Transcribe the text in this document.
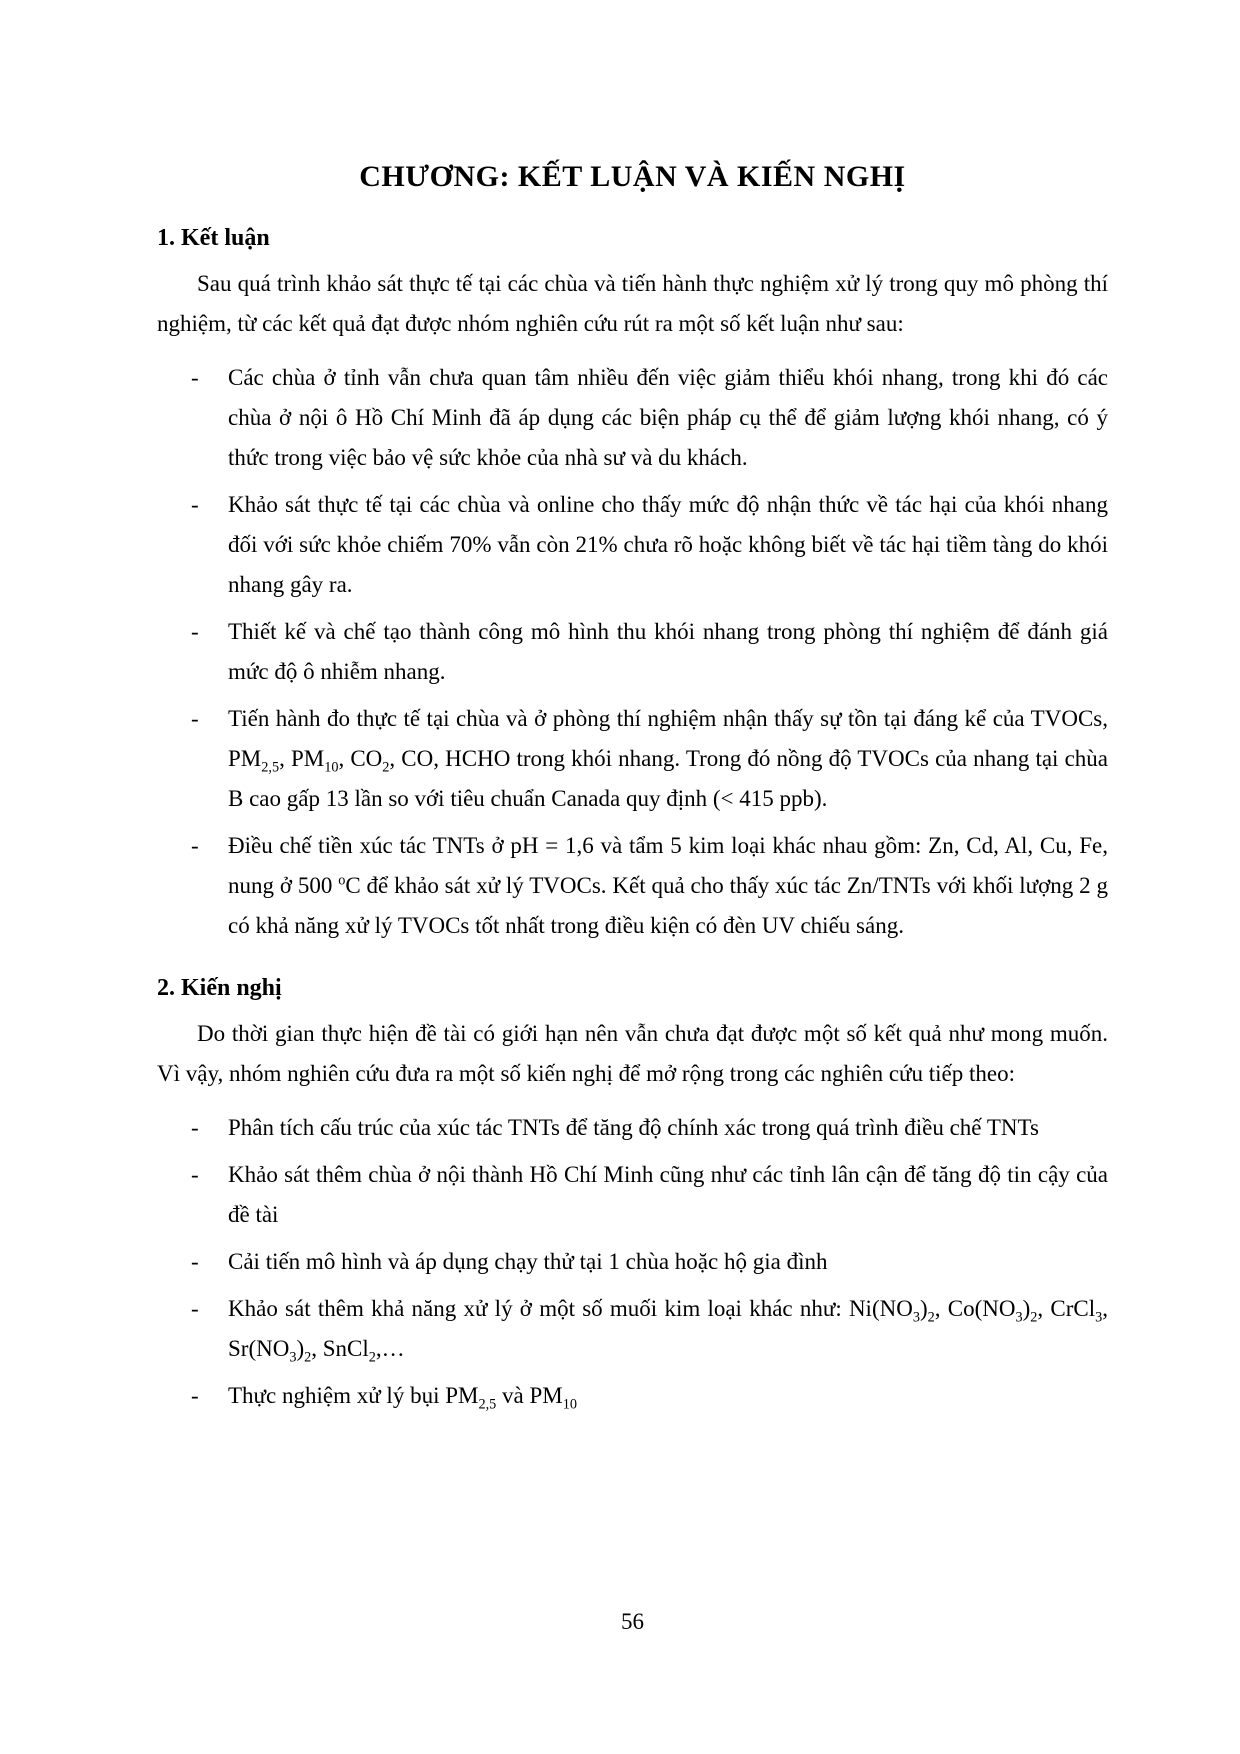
CHƯƠNG: KẾT LUẬN VÀ KIẾN NGHỊ
1. Kết luận

Sau quá trình khảo sát thực tế tại các chùa và tiến hành thực nghiệm xử lý trong quy mô phòng thí nghiệm, từ các kết quả đạt được nhóm nghiên cứu rút ra một số kết luận như sau:

- Các chùa ở tỉnh vẫn chưa quan tâm nhiều đến việc giảm thiểu khói nhang, trong khi đó các chùa ở nội ô Hồ Chí Minh đã áp dụng các biện pháp cụ thể để giảm lượng khói nhang, có ý thức trong việc bảo vệ sức khỏe của nhà sư và du khách.
- Khảo sát thực tế tại các chùa và online cho thấy mức độ nhận thức về tác hại của khói nhang đối với sức khỏe chiếm 70% vẫn còn 21% chưa rõ hoặc không biết về tác hại tiềm tàng do khói nhang gây ra.
- Thiết kế và chế tạo thành công mô hình thu khói nhang trong phòng thí nghiệm để đánh giá mức độ ô nhiễm nhang.
- Tiến hành đo thực tế tại chùa và ở phòng thí nghiệm nhận thấy sự tồn tại đáng kể của TVOCs, $PM_{2,5}$, $PM_{10}$, $CO_2$, CO, HCHO trong khói nhang. Trong đó nồng độ TVOCs của nhang tại chùa B cao gấp 13 lần so với tiêu chuẩn Canada quy định (< 415 ppb).
- Điều chế tiền xúc tác TNTs ở pH = 1,6 và tẩm 5 kim loại khác nhau gồm: Zn, Cd, Al, Cu, Fe, nung ở 500 $^o$C để khảo sát xử lý TVOCs. Kết quả cho thấy xúc tác Zn/TNTs với khối lượng 2 g có khả năng xử lý TVOCs tốt nhất trong điều kiện có đèn UV chiếu sáng.
2. Kiến nghị

Do thời gian thực hiện đề tài có giới hạn nên vẫn chưa đạt được một số kết quả như mong muốn. Vì vậy, nhóm nghiên cứu đưa ra một số kiến nghị để mở rộng trong các nghiên cứu tiếp theo:

- Phân tích cấu trúc của xúc tác TNTs để tăng độ chính xác trong quá trình điều chế TNTs
- Khảo sát thêm chùa ở nội thành Hồ Chí Minh cũng như các tỉnh lân cận để tăng độ tin cậy của đề tài
- Cải tiến mô hình và áp dụng chạy thử tại 1 chùa hoặc hộ gia đình
- Khảo sát thêm khả năng xử lý ở một số muối kim loại khác như: $Ni(NO_3)_2$, $Co(NO_3)_2$, CrCl$_3$, $Sr(NO_3)_2$, SnCl$_2$,…
- Thực nghiệm xử lý bụi $PM_{2,5}$ và $PM_{10}$
56
